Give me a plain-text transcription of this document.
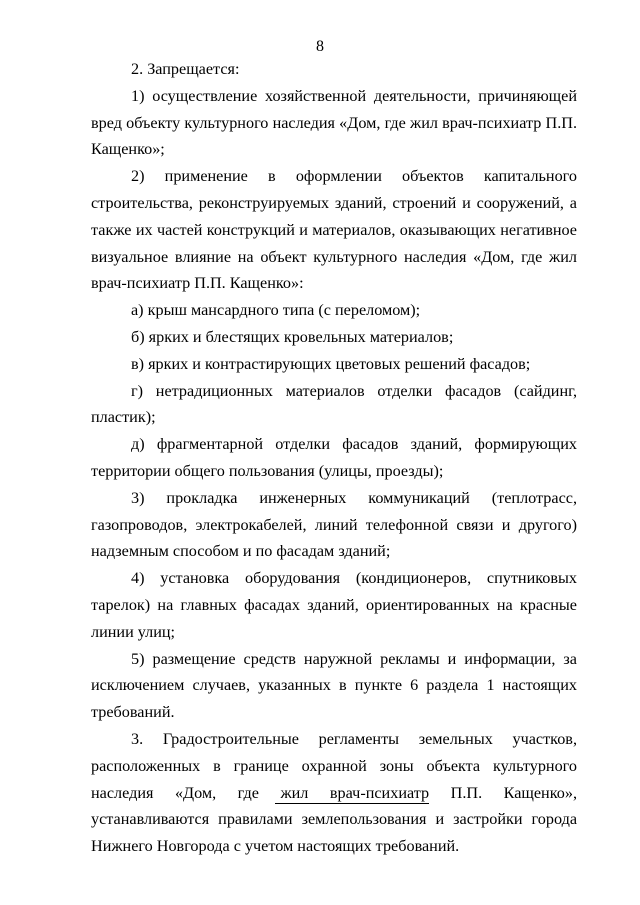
8

2. Запрещается:

1) осуществление хозяйственной деятельности, причиняющей вред объекту культурного наследия «Дом, где жил врач-психиатр П.П. Кащенко»;

2) применение в оформлении объектов капитального строительства, реконструируемых зданий, строений и сооружений, а также их частей конструкций и материалов, оказывающих негативное визуальное влияние на объект культурного наследия «Дом, где жил врач-психиатр П.П. Кащенко»:

а) крыш мансардного типа (с переломом);

б) ярких и блестящих кровельных материалов;

в) ярких и контрастирующих цветовых решений фасадов;

г) нетрадиционных материалов отделки фасадов (сайдинг, пластик);

д) фрагментарной отделки фасадов зданий, формирующих территории общего пользования (улицы, проезды);

3) прокладка инженерных коммуникаций (теплотрасс, газопроводов, электрокабелей, линий телефонной связи и другого) надземным способом и по фасадам зданий;

4) установка оборудования (кондиционеров, спутниковых тарелок) на главных фасадах зданий, ориентированных на красные линии улиц;

5) размещение средств наружной рекламы и информации, за исключением случаев, указанных в пункте 6 раздела 1 настоящих требований.

3. Градостроительные регламенты земельных участков, расположенных в границе охранной зоны объекта культурного наследия «Дом, где жил врач-психиатр П.П. Кащенко», устанавливаются правилами землепользования и застройки города Нижнего Новгорода с учетом настоящих требований.
